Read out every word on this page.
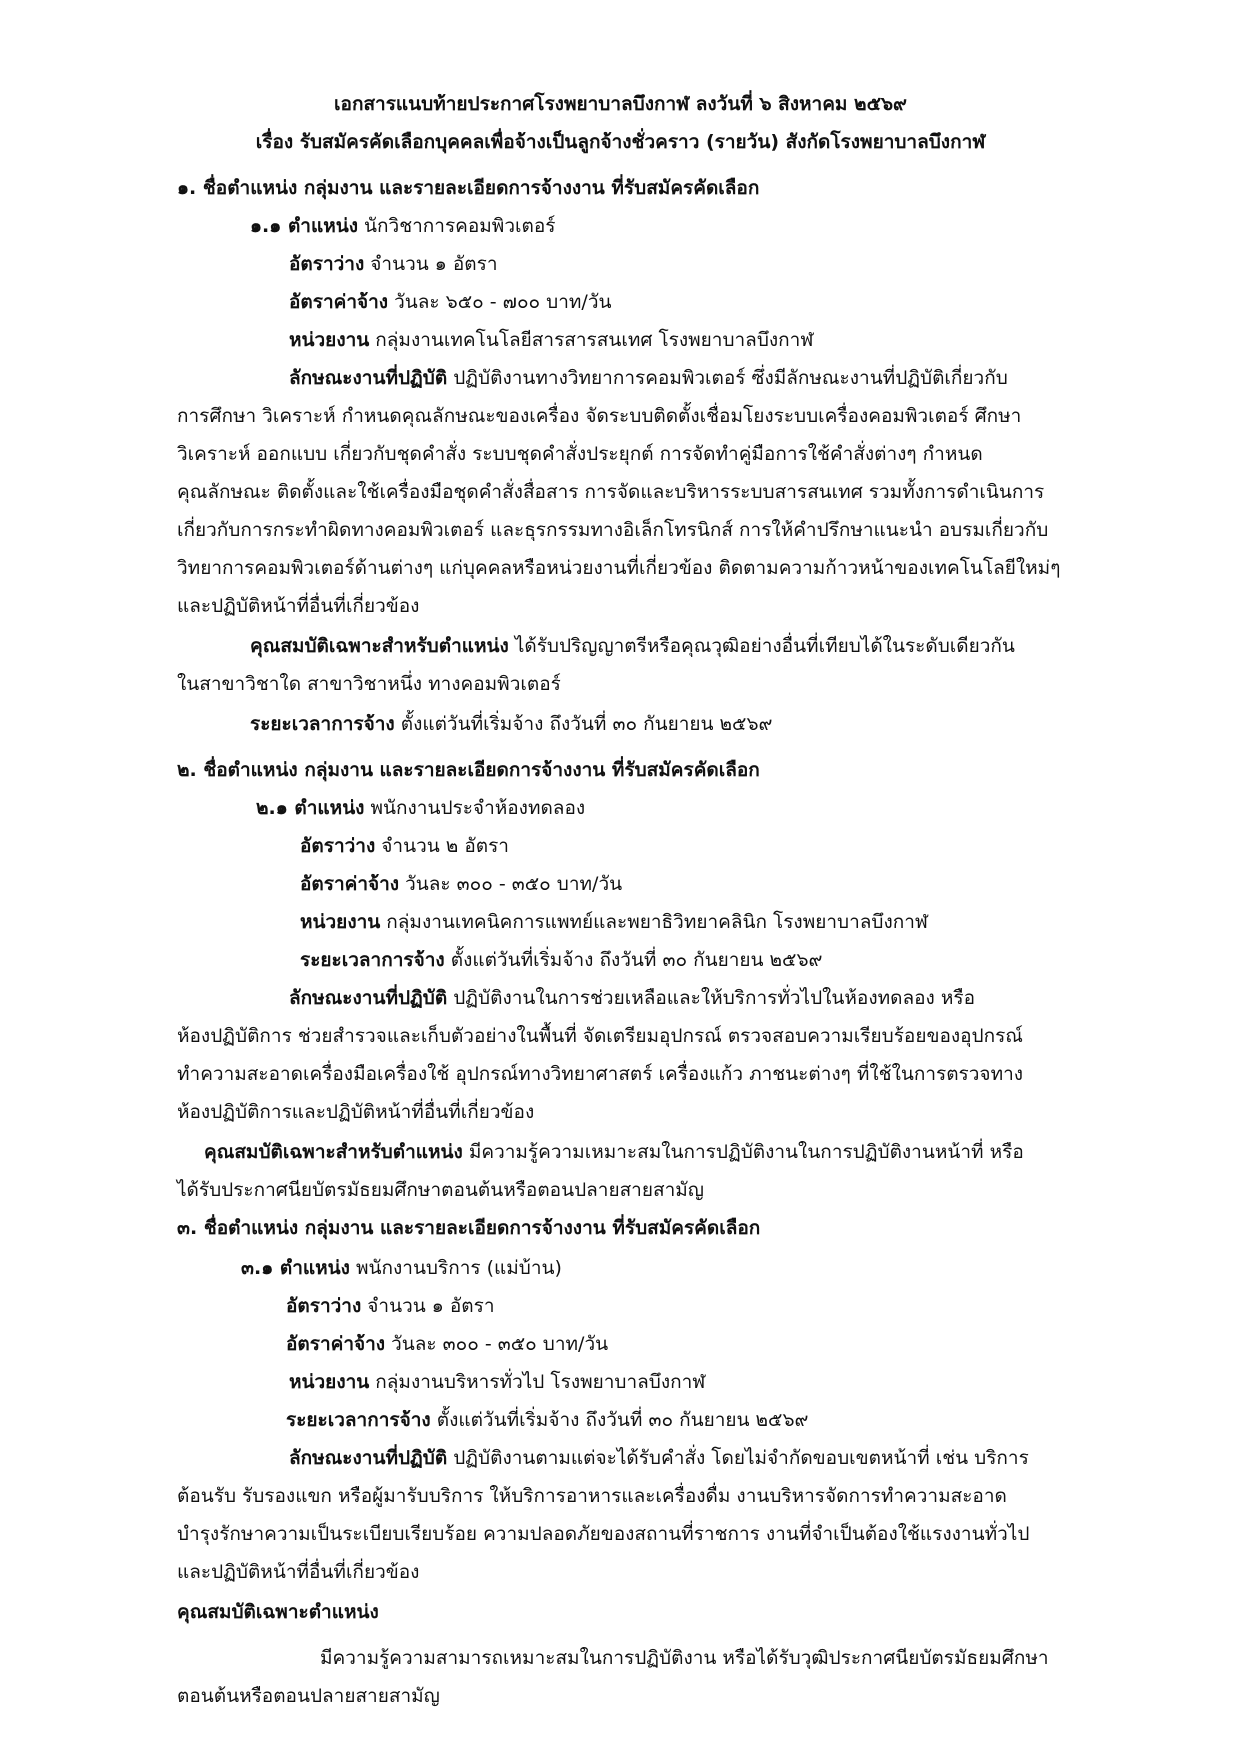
เอกสารแนบท้ายประกาศโรงพยาบาลบึงกาฬ ลงวันที่ ๖ สิงหาคม ๒๕๖๙
เรื่อง รับสมัครคัดเลือกบุคคลเพื่อจ้างเป็นลูกจ้างชั่วคราว (รายวัน) สังกัดโรงพยาบาลบึงกาฬ
๑. ชื่อตำแหน่ง กลุ่มงาน และรายละเอียดการจ้างงาน ที่รับสมัครคัดเลือก
๑.๑ ตำแหน่ง นักวิชาการคอมพิวเตอร์
อัตราว่าง จำนวน ๑ อัตรา
อัตราค่าจ้าง วันละ ๖๕๐ - ๗๐๐ บาท/วัน
หน่วยงาน กลุ่มงานเทคโนโลยีสารสารสนเทศ โรงพยาบาลบึงกาฬ
ลักษณะงานที่ปฏิบัติ ปฏิบัติงานทางวิทยาการคอมพิวเตอร์ ซึ่งมีลักษณะงานที่ปฏิบัติเกี่ยวกับ
การศึกษา วิเคราะห์ กำหนดคุณลักษณะของเครื่อง จัดระบบติดตั้งเชื่อมโยงระบบเครื่องคอมพิวเตอร์ ศึกษา
วิเคราะห์ ออกแบบ เกี่ยวกับชุดคำสั่ง ระบบชุดคำสั่งประยุกต์ การจัดทำคู่มือการใช้คำสั่งต่างๆ กำหนด
คุณลักษณะ ติดตั้งและใช้เครื่องมือชุดคำสั่งสื่อสาร การจัดและบริหารระบบสารสนเทศ รวมทั้งการดำเนินการ
เกี่ยวกับการกระทำผิดทางคอมพิวเตอร์ และธุรกรรมทางอิเล็กโทรนิกส์ การให้คำปรึกษาแนะนำ อบรมเกี่ยวกับ
วิทยาการคอมพิวเตอร์ด้านต่างๆ แก่บุคคลหรือหน่วยงานที่เกี่ยวข้อง ติดตามความก้าวหน้าของเทคโนโลยีใหม่ๆ
และปฏิบัติหน้าที่อื่นที่เกี่ยวข้อง
คุณสมบัติเฉพาะสำหรับตำแหน่ง ได้รับปริญญาตรีหรือคุณวุฒิอย่างอื่นที่เทียบได้ในระดับเดียวกัน
ในสาขาวิชาใด สาขาวิชาหนึ่ง ทางคอมพิวเตอร์
ระยะเวลาการจ้าง ตั้งแต่วันที่เริ่มจ้าง ถึงวันที่ ๓๐ กันยายน ๒๕๖๙
๒. ชื่อตำแหน่ง กลุ่มงาน และรายละเอียดการจ้างงาน ที่รับสมัครคัดเลือก
๒.๑ ตำแหน่ง พนักงานประจำห้องทดลอง
อัตราว่าง จำนวน ๒ อัตรา
อัตราค่าจ้าง วันละ ๓๐๐ - ๓๕๐ บาท/วัน
หน่วยงาน กลุ่มงานเทคนิคการแพทย์และพยาธิวิทยาคลินิก โรงพยาบาลบึงกาฬ
ระยะเวลาการจ้าง ตั้งแต่วันที่เริ่มจ้าง ถึงวันที่ ๓๐ กันยายน ๒๕๖๙
ลักษณะงานที่ปฏิบัติ ปฏิบัติงานในการช่วยเหลือและให้บริการทั่วไปในห้องทดลอง หรือ
ห้องปฏิบัติการ ช่วยสำรวจและเก็บตัวอย่างในพื้นที่ จัดเตรียมอุปกรณ์ ตรวจสอบความเรียบร้อยของอุปกรณ์
ทำความสะอาดเครื่องมือเครื่องใช้ อุปกรณ์ทางวิทยาศาสตร์ เครื่องแก้ว ภาชนะต่างๆ ที่ใช้ในการตรวจทาง
ห้องปฏิบัติการและปฏิบัติหน้าที่อื่นที่เกี่ยวข้อง
คุณสมบัติเฉพาะสำหรับตำแหน่ง มีความรู้ความเหมาะสมในการปฏิบัติงานในการปฏิบัติงานหน้าที่ หรือ
ได้รับประกาศนียบัตรมัธยมศึกษาตอนต้นหรือตอนปลายสายสามัญ
๓. ชื่อตำแหน่ง กลุ่มงาน และรายละเอียดการจ้างงาน ที่รับสมัครคัดเลือก
๓.๑ ตำแหน่ง พนักงานบริการ (แม่บ้าน)
อัตราว่าง จำนวน ๑ อัตรา
อัตราค่าจ้าง วันละ ๓๐๐ - ๓๕๐ บาท/วัน
หน่วยงาน กลุ่มงานบริหารทั่วไป โรงพยาบาลบึงกาฬ
ระยะเวลาการจ้าง ตั้งแต่วันที่เริ่มจ้าง ถึงวันที่ ๓๐ กันยายน ๒๕๖๙
ลักษณะงานที่ปฏิบัติ ปฏิบัติงานตามแต่จะได้รับคำสั่ง โดยไม่จำกัดขอบเขตหน้าที่ เช่น บริการ
ต้อนรับ รับรองแขก หรือผู้มารับบริการ ให้บริการอาหารและเครื่องดื่ม งานบริหารจัดการทำความสะอาด
บำรุงรักษาความเป็นระเบียบเรียบร้อย ความปลอดภัยของสถานที่ราชการ งานที่จำเป็นต้องใช้แรงงานทั่วไป
และปฏิบัติหน้าที่อื่นที่เกี่ยวข้อง
คุณสมบัติเฉพาะตำแหน่ง
มีความรู้ความสามารถเหมาะสมในการปฏิบัติงาน หรือได้รับวุฒิประกาศนียบัตรมัธยมศึกษา
ตอนต้นหรือตอนปลายสายสามัญ
